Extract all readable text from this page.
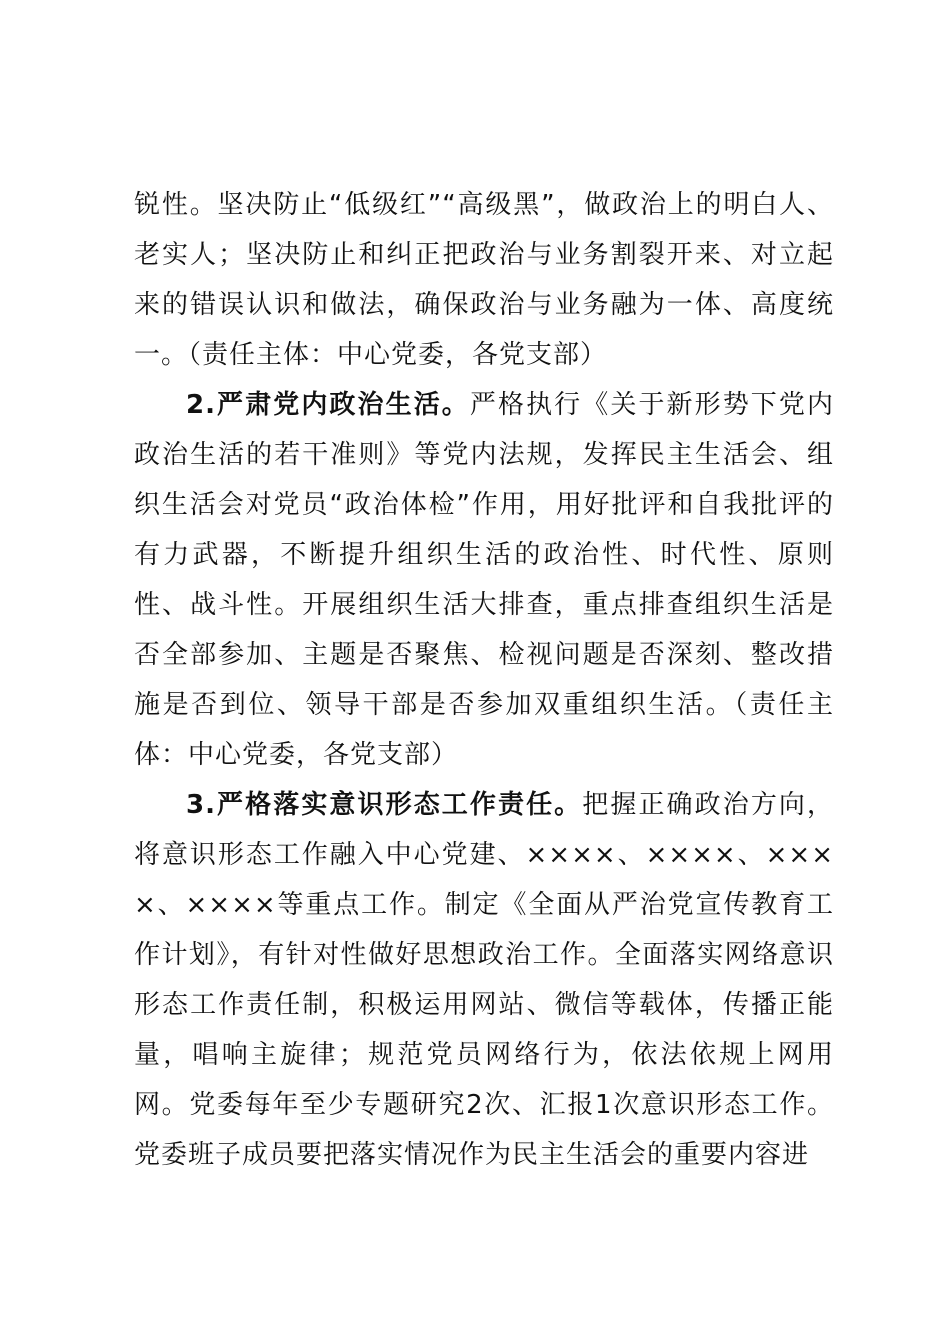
锐性。坚决防止“低级红”“高级黑”，做政治上的明白人、老实人；坚决防止和纠正把政治与业务割裂开来、对立起来的错误认识和做法，确保政治与业务融为一体、高度统一。（责任主体：中心党委，各党支部）

2.严肃党内政治生活。严格执行《关于新形势下党内政治生活的若干准则》等党内法规，发挥民主生活会、组织生活会对党员“政治体检”作用，用好批评和自我批评的有力武器，不断提升组织生活的政治性、时代性、原则性、战斗性。开展组织生活大排查，重点排查组织生活是否全部参加、主题是否聚焦、检视问题是否深刻、整改措施是否到位、领导干部是否参加双重组织生活。（责任主体：中心党委，各党支部）

3.严格落实意识形态工作责任。把握正确政治方向，将意识形态工作融入中心党建、××××、××××、××××、××××等重点工作。制定《全面从严治党宣传教育工作计划》，有针对性做好思想政治工作。全面落实网络意识形态工作责任制，积极运用网站、微信等载体，传播正能量，唱响主旋律；规范党员网络行为，依法依规上网用网。党委每年至少专题研究2次、汇报1次意识形态工作。党委班子成员要把落实情况作为民主生活会的重要内容进
